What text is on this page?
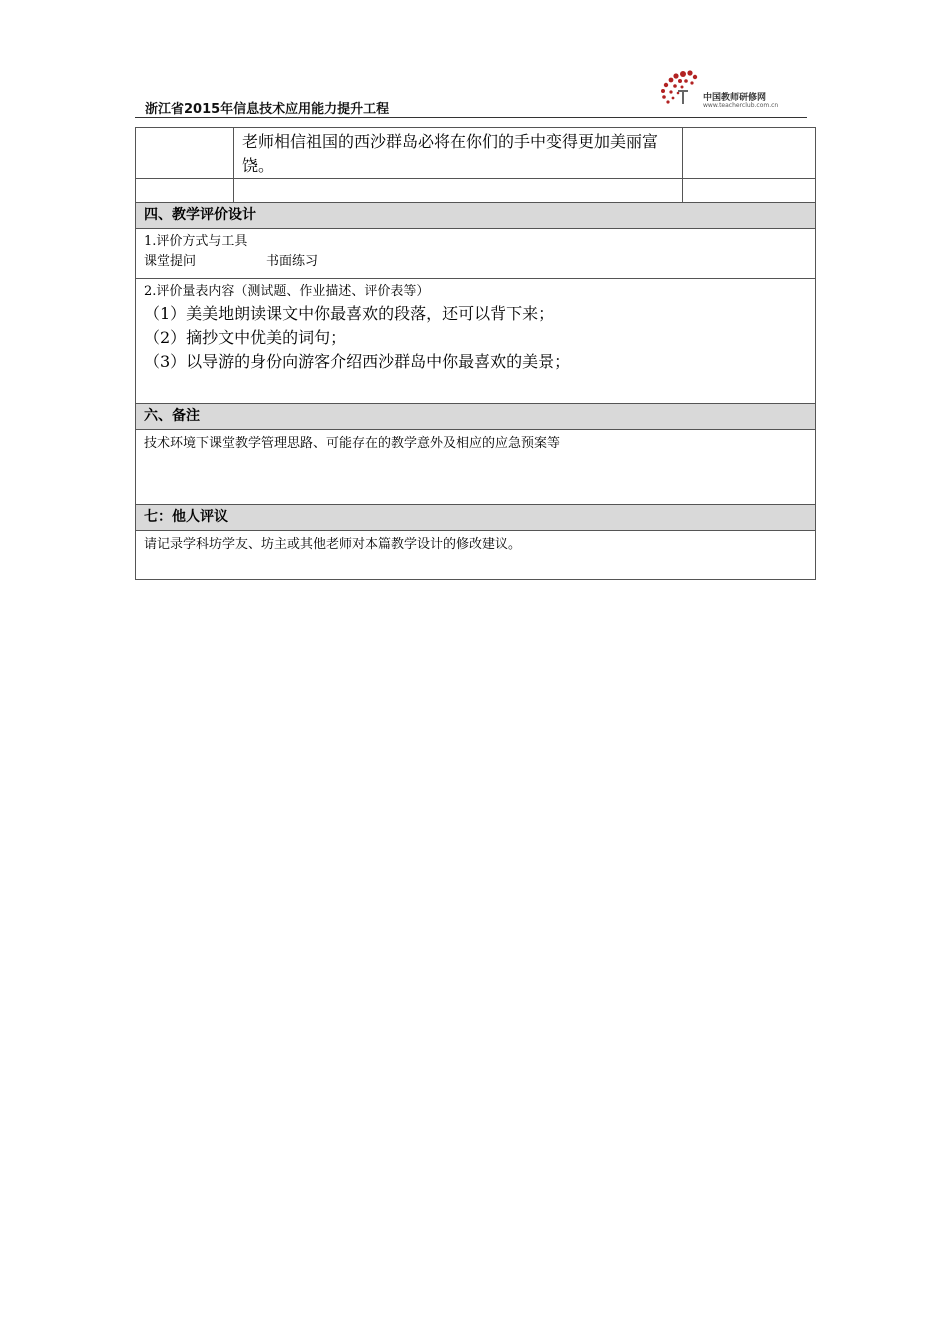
浙江省2015年信息技术应用能力提升工程
中国教师研修网
www.teacherclub.com.cn
	老师相信祖国的西沙群岛必将在你们的手中变得更加美丽富饶。	

四、教学评价设计		

1.评价方式与工具
课堂提问 书面练习		

2.评价量表内容（测试题、作业描述、评价表等）
（1）美美地朗读课文中你最喜欢的段落，还可以背下来；
（2）摘抄文中优美的词句；
（3）以导游的身份向游客介绍西沙群岛中你最喜欢的美景；		

六、备注		
技术环境下课堂教学管理思路、可能存在的教学意外及相应的应急预案等		
七：他人评议		
请记录学科坊学友、坊主或其他老师对本篇教学设计的修改建议。		
